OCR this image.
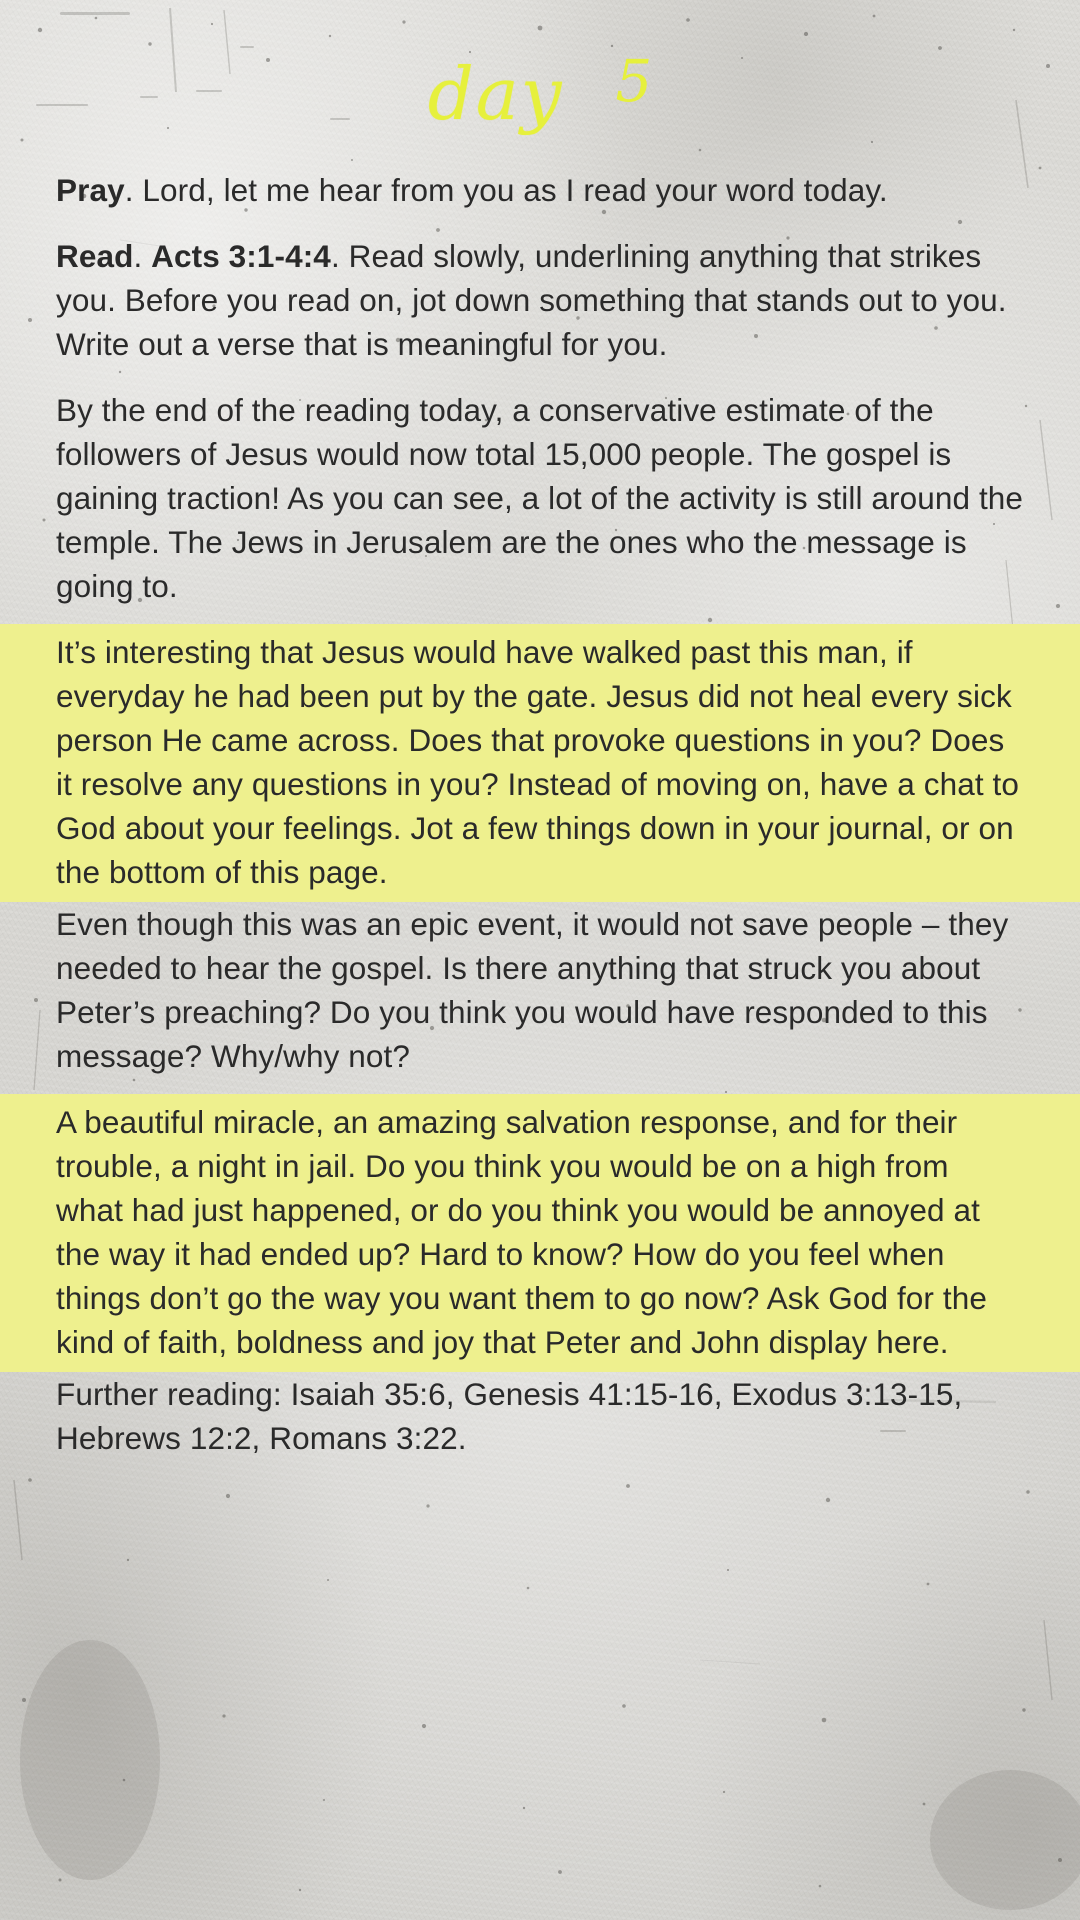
day 5

Pray. Lord, let me hear from you as I read your word today.

Read. Acts 3:1-4:4. Read slowly, underlining anything that strikes you. Before you read on, jot down something that stands out to you. Write out a verse that is meaningful for you.

By the end of the reading today, a conservative estimate of the followers of Jesus would now total 15,000 people. The gospel is gaining traction! As you can see, a lot of the activity is still around the temple. The Jews in Jerusalem are the ones who the message is going to.

It’s interesting that Jesus would have walked past this man, if everyday he had been put by the gate. Jesus did not heal every sick person He came across. Does that provoke questions in you? Does it resolve any questions in you? Instead of moving on, have a chat to God about your feelings. Jot a few things down in your journal, or on the bottom of this page.

Even though this was an epic event, it would not save people – they needed to hear the gospel. Is there anything that struck you about Peter’s preaching? Do you think you would have responded to this message? Why/why not?

A beautiful miracle, an amazing salvation response, and for their trouble, a night in jail. Do you think you would be on a high from what had just happened, or do you think you would be annoyed at the way it had ended up? Hard to know? How do you feel when things don’t go the way you want them to go now? Ask God for the kind of faith, boldness and joy that Peter and John display here.

Further reading: Isaiah 35:6, Genesis 41:15-16, Exodus 3:13-15, Hebrews 12:2, Romans 3:22.
